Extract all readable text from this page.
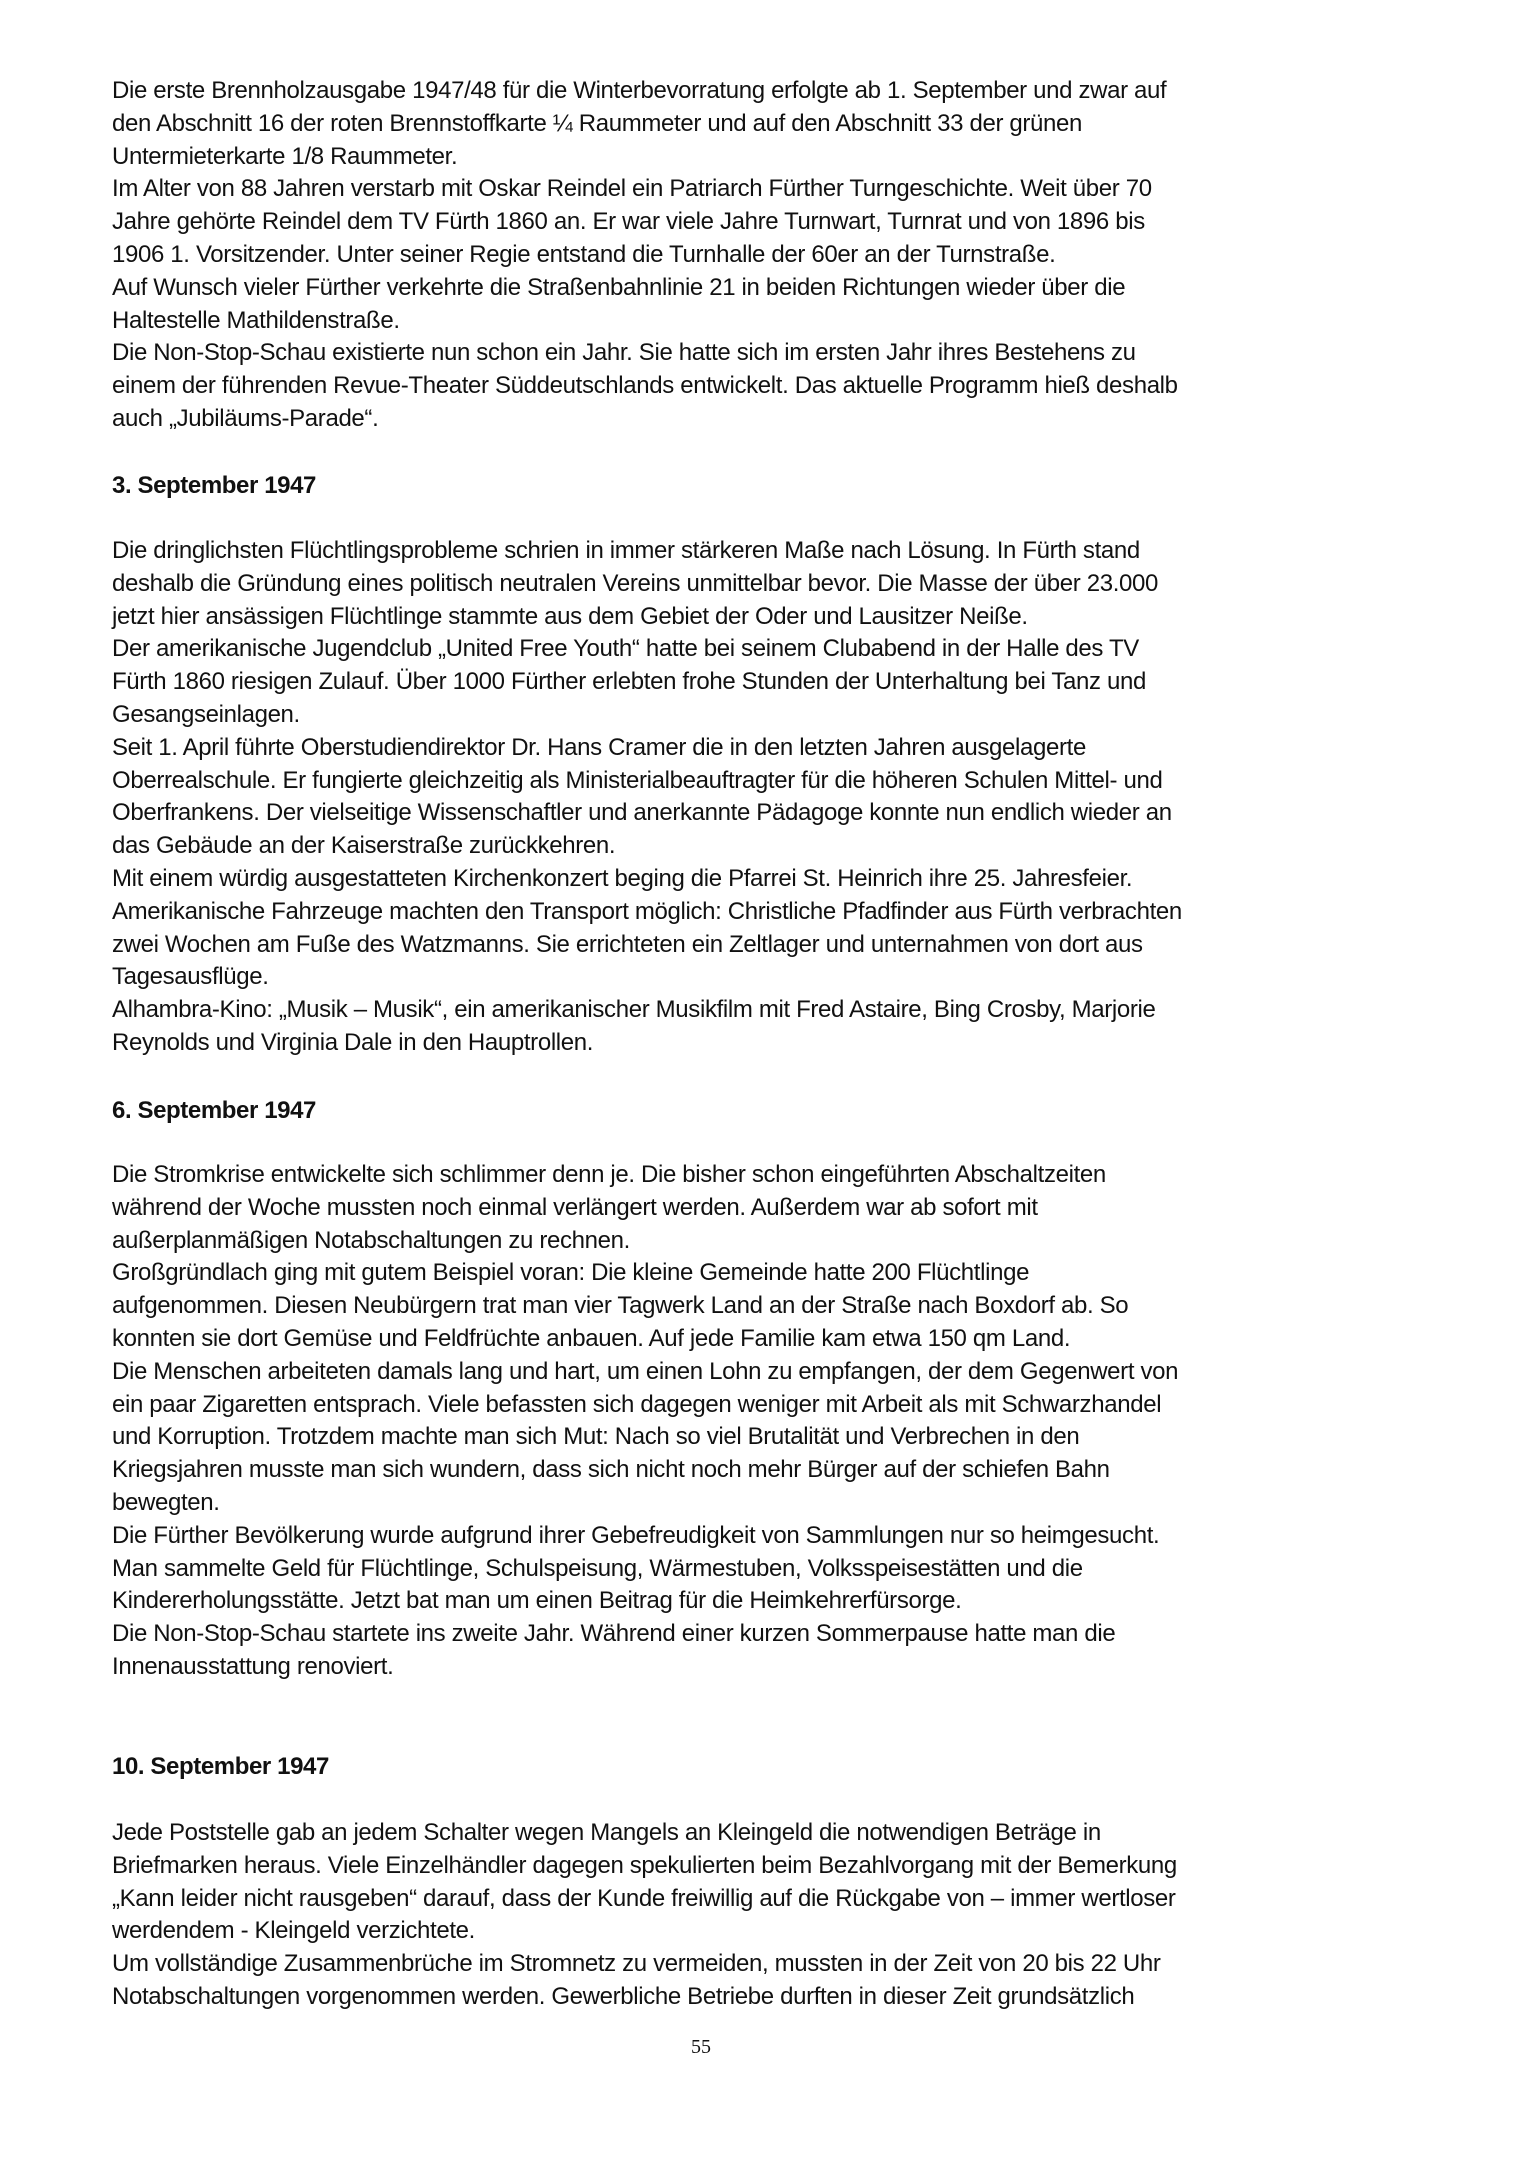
Die erste Brennholzausgabe 1947/48 für die Winterbevorratung erfolgte ab 1. September und zwar auf
den Abschnitt 16 der roten Brennstoffkarte ¼ Raummeter und auf den Abschnitt 33 der grünen
Untermieterkarte 1/8 Raummeter.
Im Alter von 88 Jahren verstarb mit Oskar Reindel ein Patriarch Fürther Turngeschichte. Weit über 70
Jahre gehörte Reindel dem TV Fürth 1860 an. Er war viele Jahre Turnwart, Turnrat und von 1896 bis
1906 1. Vorsitzender. Unter seiner Regie entstand die Turnhalle der 60er an der Turnstraße.
Auf Wunsch vieler Fürther verkehrte die Straßenbahnlinie 21 in beiden Richtungen wieder über die
Haltestelle Mathildenstraße.
Die Non-Stop-Schau existierte nun schon ein Jahr. Sie hatte sich im ersten Jahr ihres Bestehens zu
einem der führenden Revue-Theater Süddeutschlands entwickelt. Das aktuelle Programm hieß deshalb
auch „Jubiläums-Parade“.
3. September 1947
Die dringlichsten Flüchtlingsprobleme schrien in immer stärkeren Maße nach Lösung. In Fürth stand
deshalb die Gründung eines politisch neutralen Vereins unmittelbar bevor. Die Masse der über 23.000
jetzt hier ansässigen Flüchtlinge stammte aus dem Gebiet der Oder und Lausitzer Neiße.
Der amerikanische Jugendclub „United Free Youth“ hatte bei seinem Clubabend in der Halle des TV
Fürth 1860 riesigen Zulauf. Über 1000 Fürther erlebten frohe Stunden der Unterhaltung bei Tanz und
Gesangseinlagen.
Seit 1. April führte Oberstudiendirektor Dr. Hans Cramer die in den letzten Jahren ausgelagerte
Oberrealschule. Er fungierte gleichzeitig als Ministerialbeauftragter für die höheren Schulen Mittel- und
Oberfrankens. Der vielseitige Wissenschaftler und anerkannte Pädagoge konnte nun endlich wieder an
das Gebäude an der Kaiserstraße zurückkehren.
Mit einem würdig ausgestatteten Kirchenkonzert beging die Pfarrei St. Heinrich ihre 25. Jahresfeier.
Amerikanische Fahrzeuge machten den Transport möglich: Christliche Pfadfinder aus Fürth verbrachten
zwei Wochen am Fuße des Watzmanns. Sie errichteten ein Zeltlager und unternahmen von dort aus
Tagesausflüge.
Alhambra-Kino: „Musik – Musik“, ein amerikanischer Musikfilm mit Fred Astaire, Bing Crosby, Marjorie
Reynolds und Virginia Dale in den Hauptrollen.
6. September 1947
Die Stromkrise entwickelte sich schlimmer denn je. Die bisher schon eingeführten Abschaltzeiten
während der Woche mussten noch einmal verlängert werden. Außerdem war ab sofort mit
außerplanmäßigen Notabschaltungen zu rechnen.
Großgründlach ging mit gutem Beispiel voran: Die kleine Gemeinde hatte 200 Flüchtlinge
aufgenommen. Diesen Neubürgern trat man vier Tagwerk Land an der Straße nach Boxdorf ab. So
konnten sie dort Gemüse und Feldfrüchte anbauen. Auf jede Familie kam etwa 150 qm Land.
Die Menschen arbeiteten damals lang und hart, um einen Lohn zu empfangen, der dem Gegenwert von
ein paar Zigaretten entsprach. Viele befassten sich dagegen weniger mit Arbeit als mit Schwarzhandel
und Korruption. Trotzdem machte man sich Mut: Nach so viel Brutalität und Verbrechen in den
Kriegsjahren musste man sich wundern, dass sich nicht noch mehr Bürger auf der schiefen Bahn
bewegten.
Die Fürther Bevölkerung wurde aufgrund ihrer Gebefreudigkeit von Sammlungen nur so heimgesucht.
Man sammelte Geld für Flüchtlinge, Schulspeisung, Wärmestuben, Volksspeisestätten und die
Kindererholungsstätte. Jetzt bat man um einen Beitrag für die Heimkehrerfürsorge.
Die Non-Stop-Schau startete ins zweite Jahr. Während einer kurzen Sommerpause hatte man die
Innenausstattung renoviert.
10. September 1947
Jede Poststelle gab an jedem Schalter wegen Mangels an Kleingeld die notwendigen Beträge in
Briefmarken heraus. Viele Einzelhändler dagegen spekulierten beim Bezahlvorgang mit der Bemerkung
„Kann leider nicht rausgeben“ darauf, dass der Kunde freiwillig auf die Rückgabe von – immer wertloser
werdendem - Kleingeld verzichtete.
Um vollständige Zusammenbrüche im Stromnetz zu vermeiden, mussten in der Zeit von 20 bis 22 Uhr
Notabschaltungen vorgenommen werden. Gewerbliche Betriebe durften in dieser Zeit grundsätzlich
55
